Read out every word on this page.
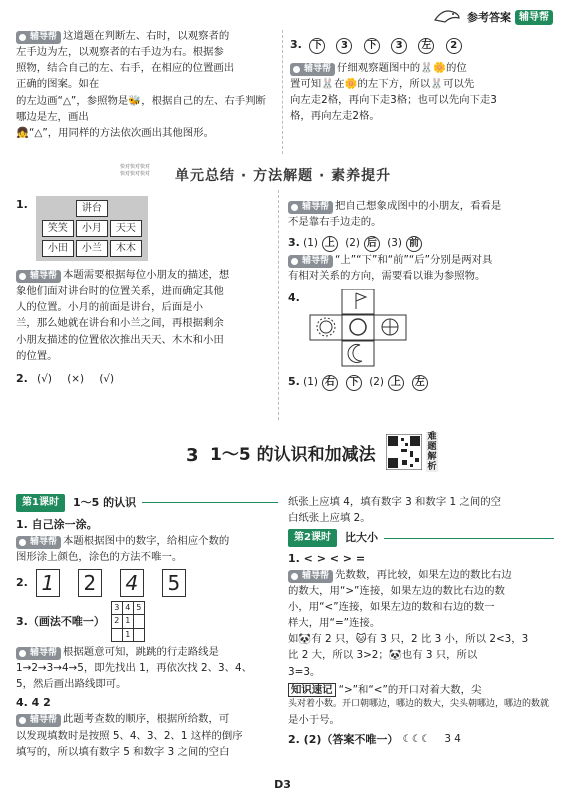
参考答案 辅导帮

辅导帮 这道题在判断左、右时，以观察者的

左手边为左，以观察者的右手边为右。根据参

照物，结合自己的左、右手，在相应的位置画出

正确的图案。如在

的左边画“△”，参照物是🐝，根据自己的左、右手判断哪边是左，画出

👧“△”，用同样的方法依次画出其他图形。

3. 下 3 下 3 左 2

辅导帮 仔细观察题图中的🐰🌼的位

置可知🐰在🌼的左下方，所以🐰可以先

向左走2格，再向下走3格；也可以先向下走3

格，再向左走2格。

快对快对快对
快对快对快对 单元总结 · 方法解题 · 素养提升
1.	讲台
笑笑	小月	天天
小田	小兰	木木

辅导帮 本题需要根据每位小朋友的描述，想

象他们面对讲台时的位置关系，进而确定其他

人的位置。小月的前面是讲台，后面是小

兰，那么她就在讲台和小兰之间，再根据剩余

小朋友描述的位置依次推出天天、木木和小田

的位置。

2. (√) (×) (√)

辅导帮 把自己想象成图中的小朋友，看看是

不是靠右手边走的。

3. (1) 上 (2) 后 (3) 前

辅导帮 “上”“下”和“前”“后”分别是两对具

有相对关系的方向，需要看以谁为参照物。

4.

5. (1) 右 下 (2) 上 左

3 1～5 的认识和加减法
难
题
解
析
第1课时	1～5 的认识

1. 自己涂一涂。

辅导帮 本题根据图中的数字，给相应个数的

图形涂上颜色，涂色的方法不唯一。

2. 1 2 4 5
3.（画法不唯一）
3	4	5
2	1	
	1	

辅导帮 根据题意可知，跳跳的行走路线是

1→2→3→4→5，即先找出 1，再依次找 2、3、4、

5，然后画出路线即可。

4. 4 2

辅导帮 此题考查数的顺序，根据所给数，可

以发现填数时是按照 5、4、3、2、1 这样的倒序

填写的，所以填有数字 5 和数字 3 之间的空白

纸张上应填 4，填有数字 3 和数字 1 之间的空

白纸张上应填 2。

第2课时	比大小

1. < > < > =

辅导帮 先数数，再比较，如果左边的数比右边

的数大，用“>”连接，如果左边的数比右边的数

小，用“<”连接，如果左边的数和右边的数一

样大，用“=”连接。

如🐼有 2 只，🐱有 3 只，2 比 3 小，所以 2<3，3

比 2 大，所以 3>2；🐼也有 3 只，所以

3=3。

知识速记 “>”和“<”的开口对着大数，尖

头对着小数。开口朝哪边，哪边的数大，尖头朝哪边，哪边的数就

是小于号。

2. (2)（答案不唯一） ☾☾☾ 3 4

D3
